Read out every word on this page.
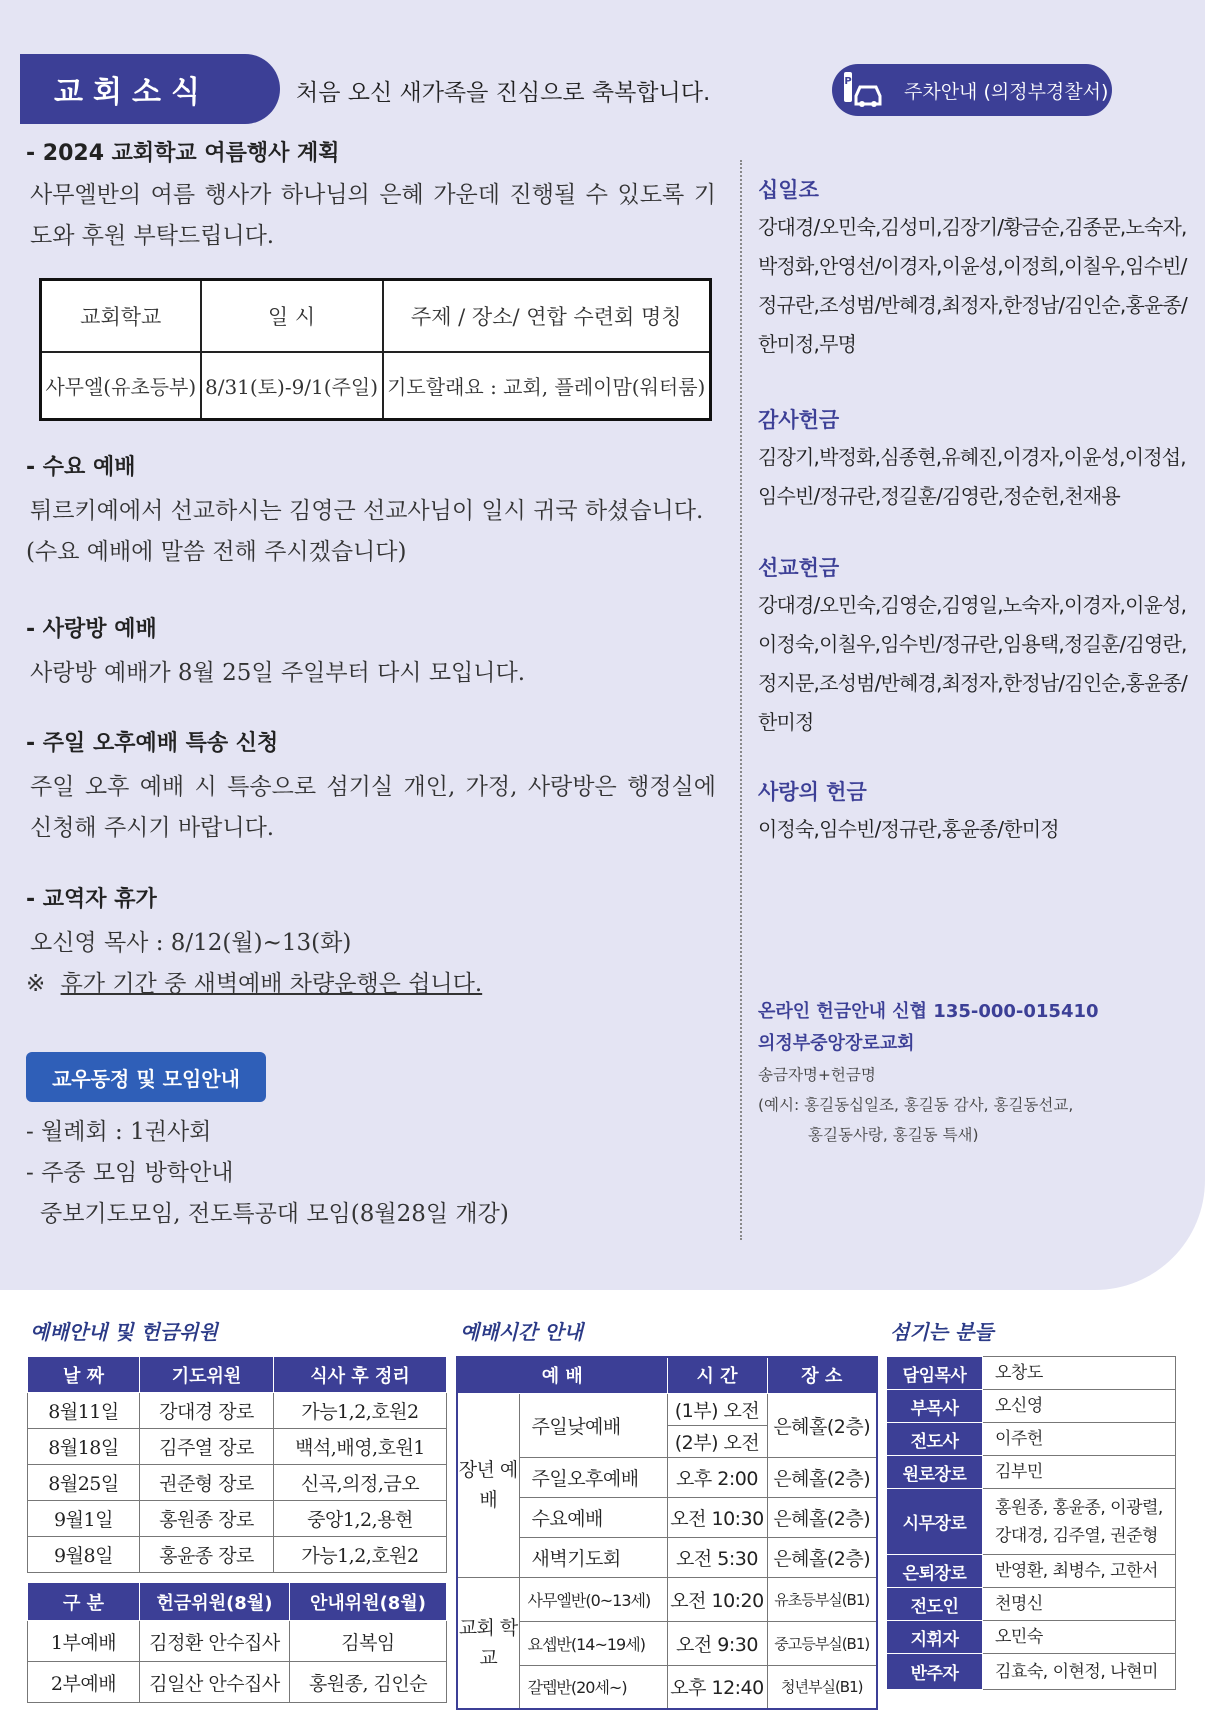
교회소식	처음 오신 새가족을 진심으로 축복합니다.	P	주차안내 (의정부경찰서)
- 2024 교회학교 여름행사 계획
사무엘반의 여름 행사가 하나님의 은혜 가운데 진행될 수 있도록 기도와 후원 부탁드립니다.
교회학교	일 시	주제 / 장소/ 연합 수련회 명칭
사무엘(유초등부)	8/31(토)-9/1(주일)	기도할래요 : 교회, 플레이맘(워터룸)
- 수요 예배
튀르키예에서 선교하시는 김영근 선교사님이 일시 귀국 하셨습니다.
(수요 예배에 말씀 전해 주시겠습니다)
- 사랑방 예배
사랑방 예배가 8월 25일 주일부터 다시 모입니다.
- 주일 오후예배 특송 신청
주일 오후 예배 시 특송으로 섬기실 개인, 가정, 사랑방은 행정실에 신청해 주시기 바랍니다.
- 교역자 휴가
오신영 목사 : 8/12(월)~13(화)
※ 휴가 기간 중 새벽예배 차량운행은 쉽니다.
교우동정 및 모임안내
- 월례회 : 1권사회
- 주중 모임 방학안내
중보기도모임, 전도특공대 모임(8월28일 개강)
십일조
강대경/오민숙,김성미,김장기/황금순,김종문,노숙자,
박정화,안영선/이경자,이윤성,이정희,이칠우,임수빈/
정규란,조성범/반혜경,최정자,한정남/김인순,홍윤종/
한미정,무명
감사헌금
김장기,박정화,심종현,유혜진,이경자,이윤성,이정섭,
임수빈/정규란,정길훈/김영란,정순헌,천재용
선교헌금
강대경/오민숙,김영순,김영일,노숙자,이경자,이윤성,
이정숙,이칠우,임수빈/정규란,임용택,정길훈/김영란,
정지문,조성범/반혜경,최정자,한정남/김인순,홍윤종/
한미정
사랑의 헌금
이정숙,임수빈/정규란,홍윤종/한미정
온라인 헌금안내 신협 135-000-015410
의정부중앙장로교회
송금자명+헌금명
(예시: 홍길동십일조, 홍길동 감사, 홍길동선교,
홍길동사랑, 홍길동 특새)
예배안내 및 헌금위원
날 짜	기도위원	식사 후 정리
8월11일	강대경 장로	가능1,2,호원2
8월18일	김주열 장로	백석,배영,호원1
8월25일	권준형 장로	신곡,의정,금오
9월1일	홍원종 장로	중앙1,2,용현
9월8일	홍윤종 장로	가능1,2,호원2
구 분	헌금위원(8월)	안내위원(8월)
1부예배	김정환 안수집사	김복임
2부예배	김일산 안수집사	홍원종, 김인순
예배시간 안내
예 배		시 간	장 소
장년 예배	주일낮예배	(1부) 오전	은혜홀(2층)
		(2부) 오전	
	주일오후예배	오후 2:00	은혜홀(2층)
	수요예배	오전 10:30	은혜홀(2층)
	새벽기도회	오전 5:30	은혜홀(2층)
교회 학교	사무엘반(0~13세)	오전 10:20	유초등부실(B1)
	요셉반(14~19세)	오전 9:30	중고등부실(B1)
	갈렙반(20세~)	오후 12:40	청년부실(B1)
섬기는 분들
담임목사	오창도
부목사	오신영
전도사	이주헌
원로장로	김부민
시무장로	홍원종, 홍윤종, 이광렬,
강대경, 김주열, 권준형

은퇴장로	반영환, 최병수, 고한서
전도인	천명신
지휘자	오민숙
반주자	김효숙, 이현정, 나현미
